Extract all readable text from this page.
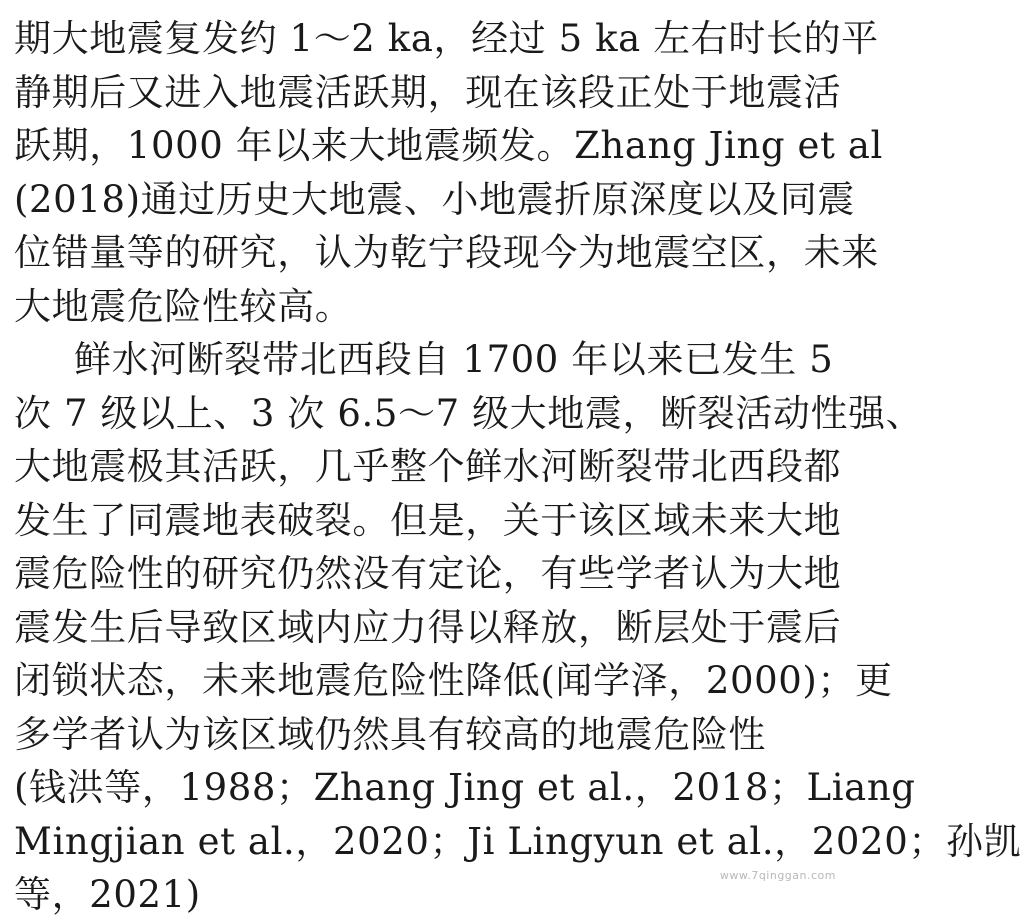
期大地震复发约 1～2 ka，经过 5 ka 左右时长的平
静期后又进入地震活跃期，现在该段正处于地震活
跃期，1000 年以来大地震频发。Zhang Jing et al
(2018)通过历史大地震、小地震折原深度以及同震
位错量等的研究，认为乾宁段现今为地震空区，未来
大地震危险性较高。
鲜水河断裂带北西段自 1700 年以来已发生 5
次 7 级以上、3 次 6.5～7 级大地震，断裂活动性强、
大地震极其活跃，几乎整个鲜水河断裂带北西段都
发生了同震地表破裂。但是，关于该区域未来大地
震危险性的研究仍然没有定论，有些学者认为大地
震发生后导致区域内应力得以释放，断层处于震后
闭锁状态，未来地震危险性降低(闻学泽，2000)；更
多学者认为该区域仍然具有较高的地震危险性
(钱洪等，1988；Zhang Jing et al.，2018；Liang
Mingjian et al.，2020；Ji Lingyun et al.，2020；孙凯
等，2021)	www.7qinggan.com
